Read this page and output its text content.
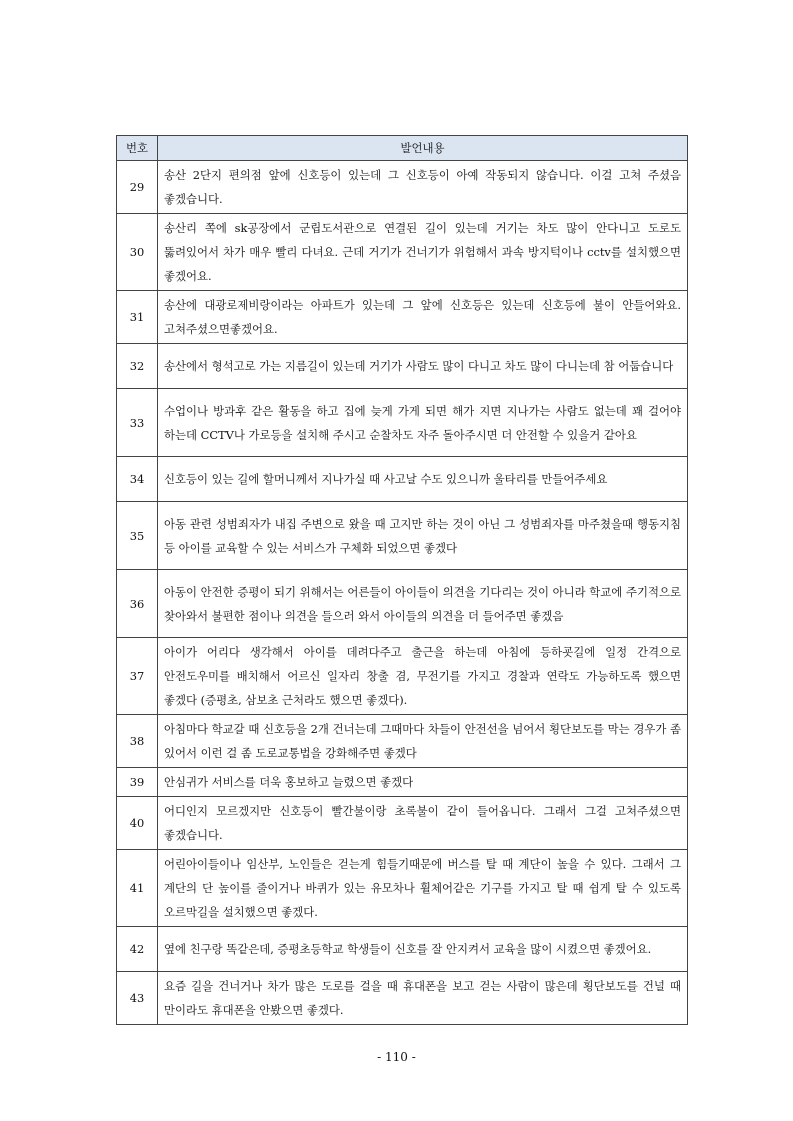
번호	발언내용
29	송산 2단지 편의점 앞에 신호등이 있는데 그 신호등이 아예 작동되지 않습니다. 이걸 고쳐 주셨음 좋겠습니다.
30	송산리 쪽에 sk공장에서 군립도서관으로 연결된 길이 있는데 거기는 차도 많이 안다니고 도로도 뚫려있어서 차가 매우 빨리 다녀요. 근데 거기가 건너기가 위험해서 과속 방지턱이나 cctv를 설치했으면 좋겠어요.
31	송산에 대광로제비랑이라는 아파트가 있는데 그 앞에 신호등은 있는데 신호등에 불이 안들어와요. 고쳐주셨으면좋겠어요.
32	송산에서 형석고로 가는 지름길이 있는데 거기가 사람도 많이 다니고 차도 많이 다니는데 참 어둡습니다
33	수업이나 방과후 같은 활동을 하고 집에 늦게 가게 되면 해가 지면 지나가는 사람도 없는데 꽤 걸어야 하는데 CCTV나 가로등을 설치해 주시고 순찰차도 자주 돌아주시면 더 안전할 수 있을거 같아요
34	신호등이 있는 길에 할머니께서 지나가실 때 사고날 수도 있으니까 울타리를 만들어주세요
35	아동 관련 성범죄자가 내집 주변으로 왔을 때 고지만 하는 것이 아닌 그 성범죄자를 마주쳤을때 행동지침 등 아이를 교육할 수 있는 서비스가 구체화 되었으면 좋겠다
36	아동이 안전한 증평이 되기 위해서는 어른들이 아이들이 의견을 기다리는 것이 아니라 학교에 주기적으로 찾아와서 불편한 점이나 의견을 들으러 와서 아이들의 의견을 더 들어주면 좋겠음
37	아이가 어리다 생각해서 아이를 데려다주고 출근을 하는데 아침에 등하굣길에 일정 간격으로 안전도우미를 배치해서 어르신 일자리 창출 겸, 무전기를 가지고 경찰과 연락도 가능하도록 했으면 좋겠다 (증평초, 삼보초 근처라도 했으면 좋겠다).
38	아침마다 학교갈 때 신호등을 2개 건너는데 그때마다 차들이 안전선을 넘어서 횡단보도를 막는 경우가 좀 있어서 이런 걸 좀 도로교통법을 강화해주면 좋겠다
39	안심귀가 서비스를 더욱 홍보하고 늘렸으면 좋겠다
40	어디인지 모르겠지만 신호등이 빨간불이랑 초록불이 같이 들어옵니다. 그래서 그걸 고쳐주셨으면 좋겠습니다.
41	어린아이들이나 임산부, 노인들은 걷는게 힘들기때문에 버스를 탈 때 계단이 높을 수 있다. 그래서 그 계단의 단 높이를 줄이거나 바퀴가 있는 유모차나 휠체어같은 기구를 가지고 탈 때 쉽게 탈 수 있도록 오르막길을 설치했으면 좋겠다.
42	옆에 친구랑 똑같은데, 증평초등학교 학생들이 신호를 잘 안지켜서 교육을 많이 시켰으면 좋겠어요.
43	요즘 길을 건너거나 차가 많은 도로를 걸을 때 휴대폰을 보고 걷는 사람이 많은데 횡단보도를 건널 때 만이라도 휴대폰을 안봤으면 좋겠다.
- 110 -
